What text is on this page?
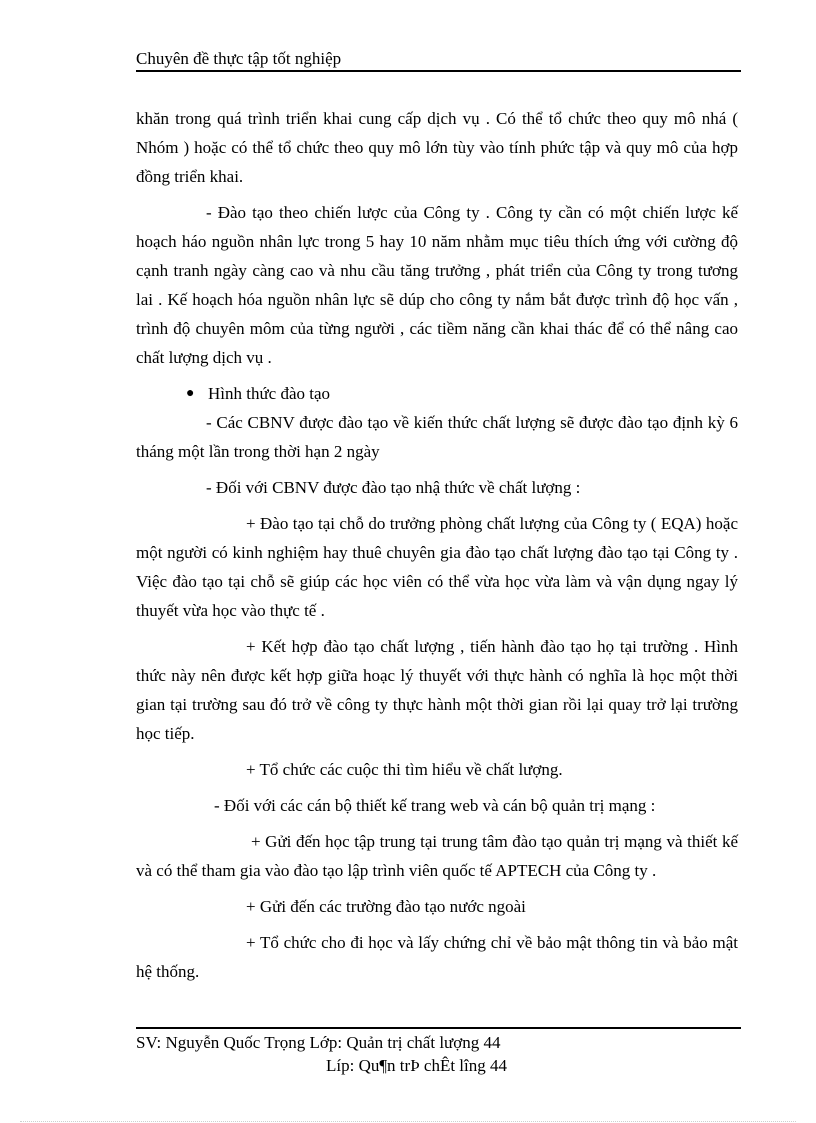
Chuyên đề thực tập tốt nghiệp

khăn trong quá trình triển khai cung cấp dịch vụ . Có thể tổ chức theo quy mô nhá ( Nhóm ) hoặc có thể tổ chức theo quy mô lớn tùy vào tính phức tập và quy mô của hợp đồng triển khai.

- Đào tạo theo chiến lược của Công ty . Công ty cần có một chiến lược kế hoạch háo nguồn nhân lực trong 5 hay 10 năm nhằm mục tiêu thích ứng với cường độ cạnh tranh ngày càng cao và nhu cầu tăng trưởng , phát triển của Công ty trong tương lai . Kế hoạch hóa nguồn nhân lực sẽ dúp cho công ty nắm bắt được trình độ học vấn , trình độ chuyên môm của từng người , các tiềm năng cần khai thác để có thể nâng cao chất lượng dịch vụ .

● Hình thức đào tạo

- Các CBNV được đào tạo về kiến thức chất lượng sẽ được đào tạo định kỳ 6 tháng một lần trong thời hạn 2 ngày

- Đối với CBNV được đào tạo nhậ thức về chất lượng :

+ Đào tạo tại chỗ do trưởng phòng chất lượng của Công ty ( EQA) hoặc một người có kinh nghiệm hay thuê chuyên gia đào tạo chất lượng đào tạo tại Công ty . Việc đào tạo tại chỗ sẽ giúp các học viên có thể vừa học vừa làm và vận dụng ngay lý thuyết vừa học vào thực tế .

+ Kết hợp đào tạo chất lượng , tiến hành đào tạo họ tại trường . Hình thức này nên được kết hợp giữa hoạc lý thuyết với thực hành có nghĩa là học một thời gian tại trường sau đó trở về công ty thực hành một thời gian rồi lại quay trở lại trường học tiếp.

+ Tổ chức các cuộc thi tìm hiểu về chất lượng.

- Đối với các cán bộ thiết kế trang web và cán bộ quản trị mạng :

+ Gửi đến học tập trung tại trung tâm đào tạo quản trị mạng và thiết kế và có thể tham gia vào đào tạo lập trình viên quốc tế APTECH của Công ty .

+ Gửi đến các trường đào tạo nước ngoài

+ Tổ chức cho đi học và lấy chứng chỉ về bảo mật thông tin và bảo mật hệ thống.

SV: Nguyễn Quốc Trọng Lớp: Quản trị chất lượng 44
Líp: Qu¶n trÞ chÊt lîng 44
